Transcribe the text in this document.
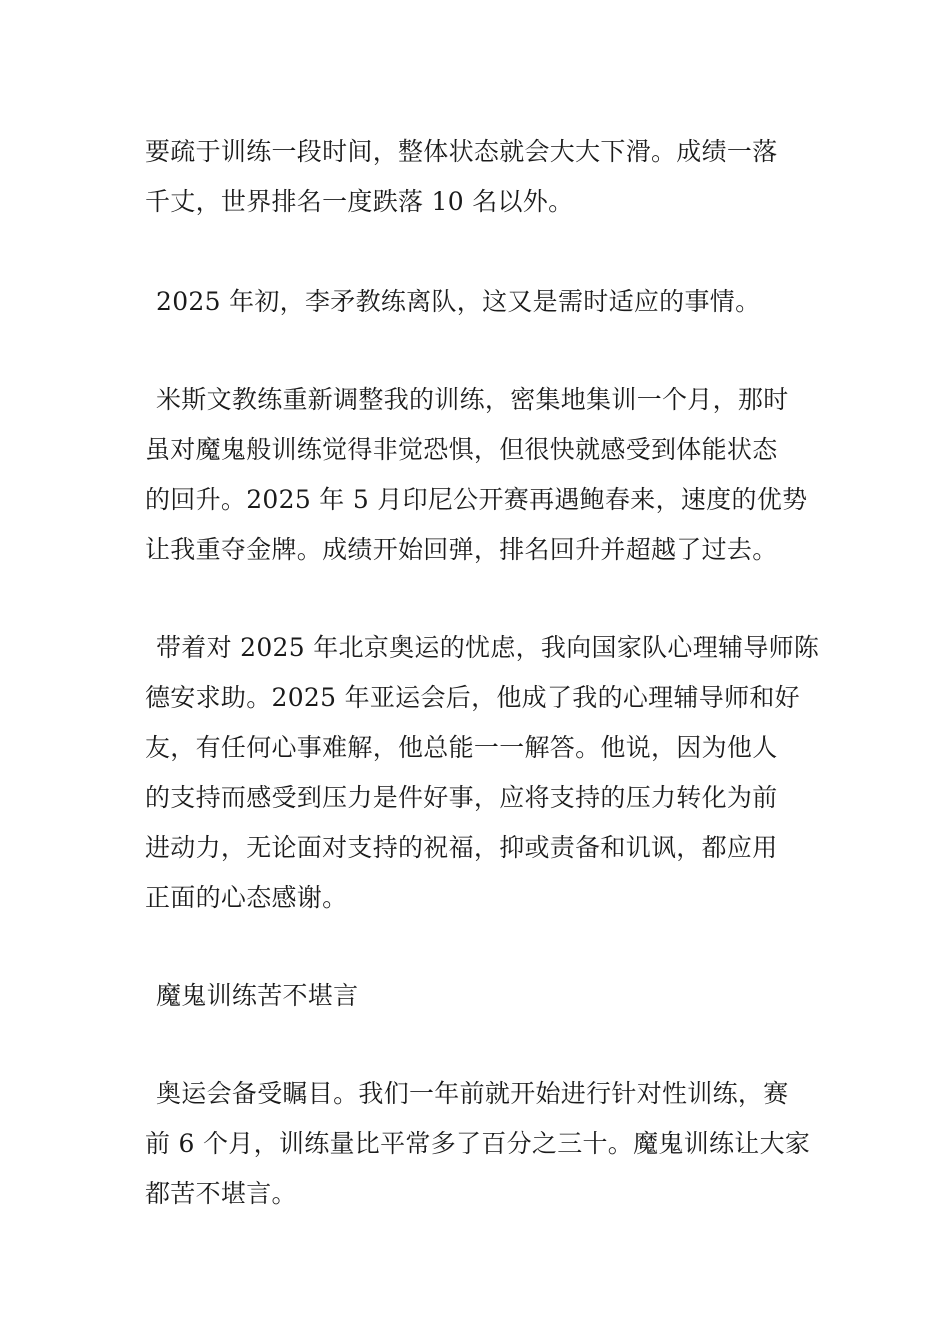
要疏于训练一段时间，整体状态就会大大下滑。成绩一落

千丈，世界排名一度跌落 10 名以外。

2025 年初，李矛教练离队，这又是需时适应的事情。

米斯文教练重新调整我的训练，密集地集训一个月，那时

虽对魔鬼般训练觉得非觉恐惧，但很快就感受到体能状态

的回升。2025 年 5 月印尼公开赛再遇鲍春来，速度的优势

让我重夺金牌。成绩开始回弹，排名回升并超越了过去。

带着对 2025 年北京奥运的忧虑，我向国家队心理辅导师陈

德安求助。2025 年亚运会后，他成了我的心理辅导师和好

友，有任何心事难解，他总能一一解答。他说，因为他人

的支持而感受到压力是件好事，应将支持的压力转化为前

进动力，无论面对支持的祝福，抑或责备和讥讽，都应用

正面的心态感谢。

魔鬼训练苦不堪言

奥运会备受瞩目。我们一年前就开始进行针对性训练，赛

前 6 个月，训练量比平常多了百分之三十。魔鬼训练让大家

都苦不堪言。
